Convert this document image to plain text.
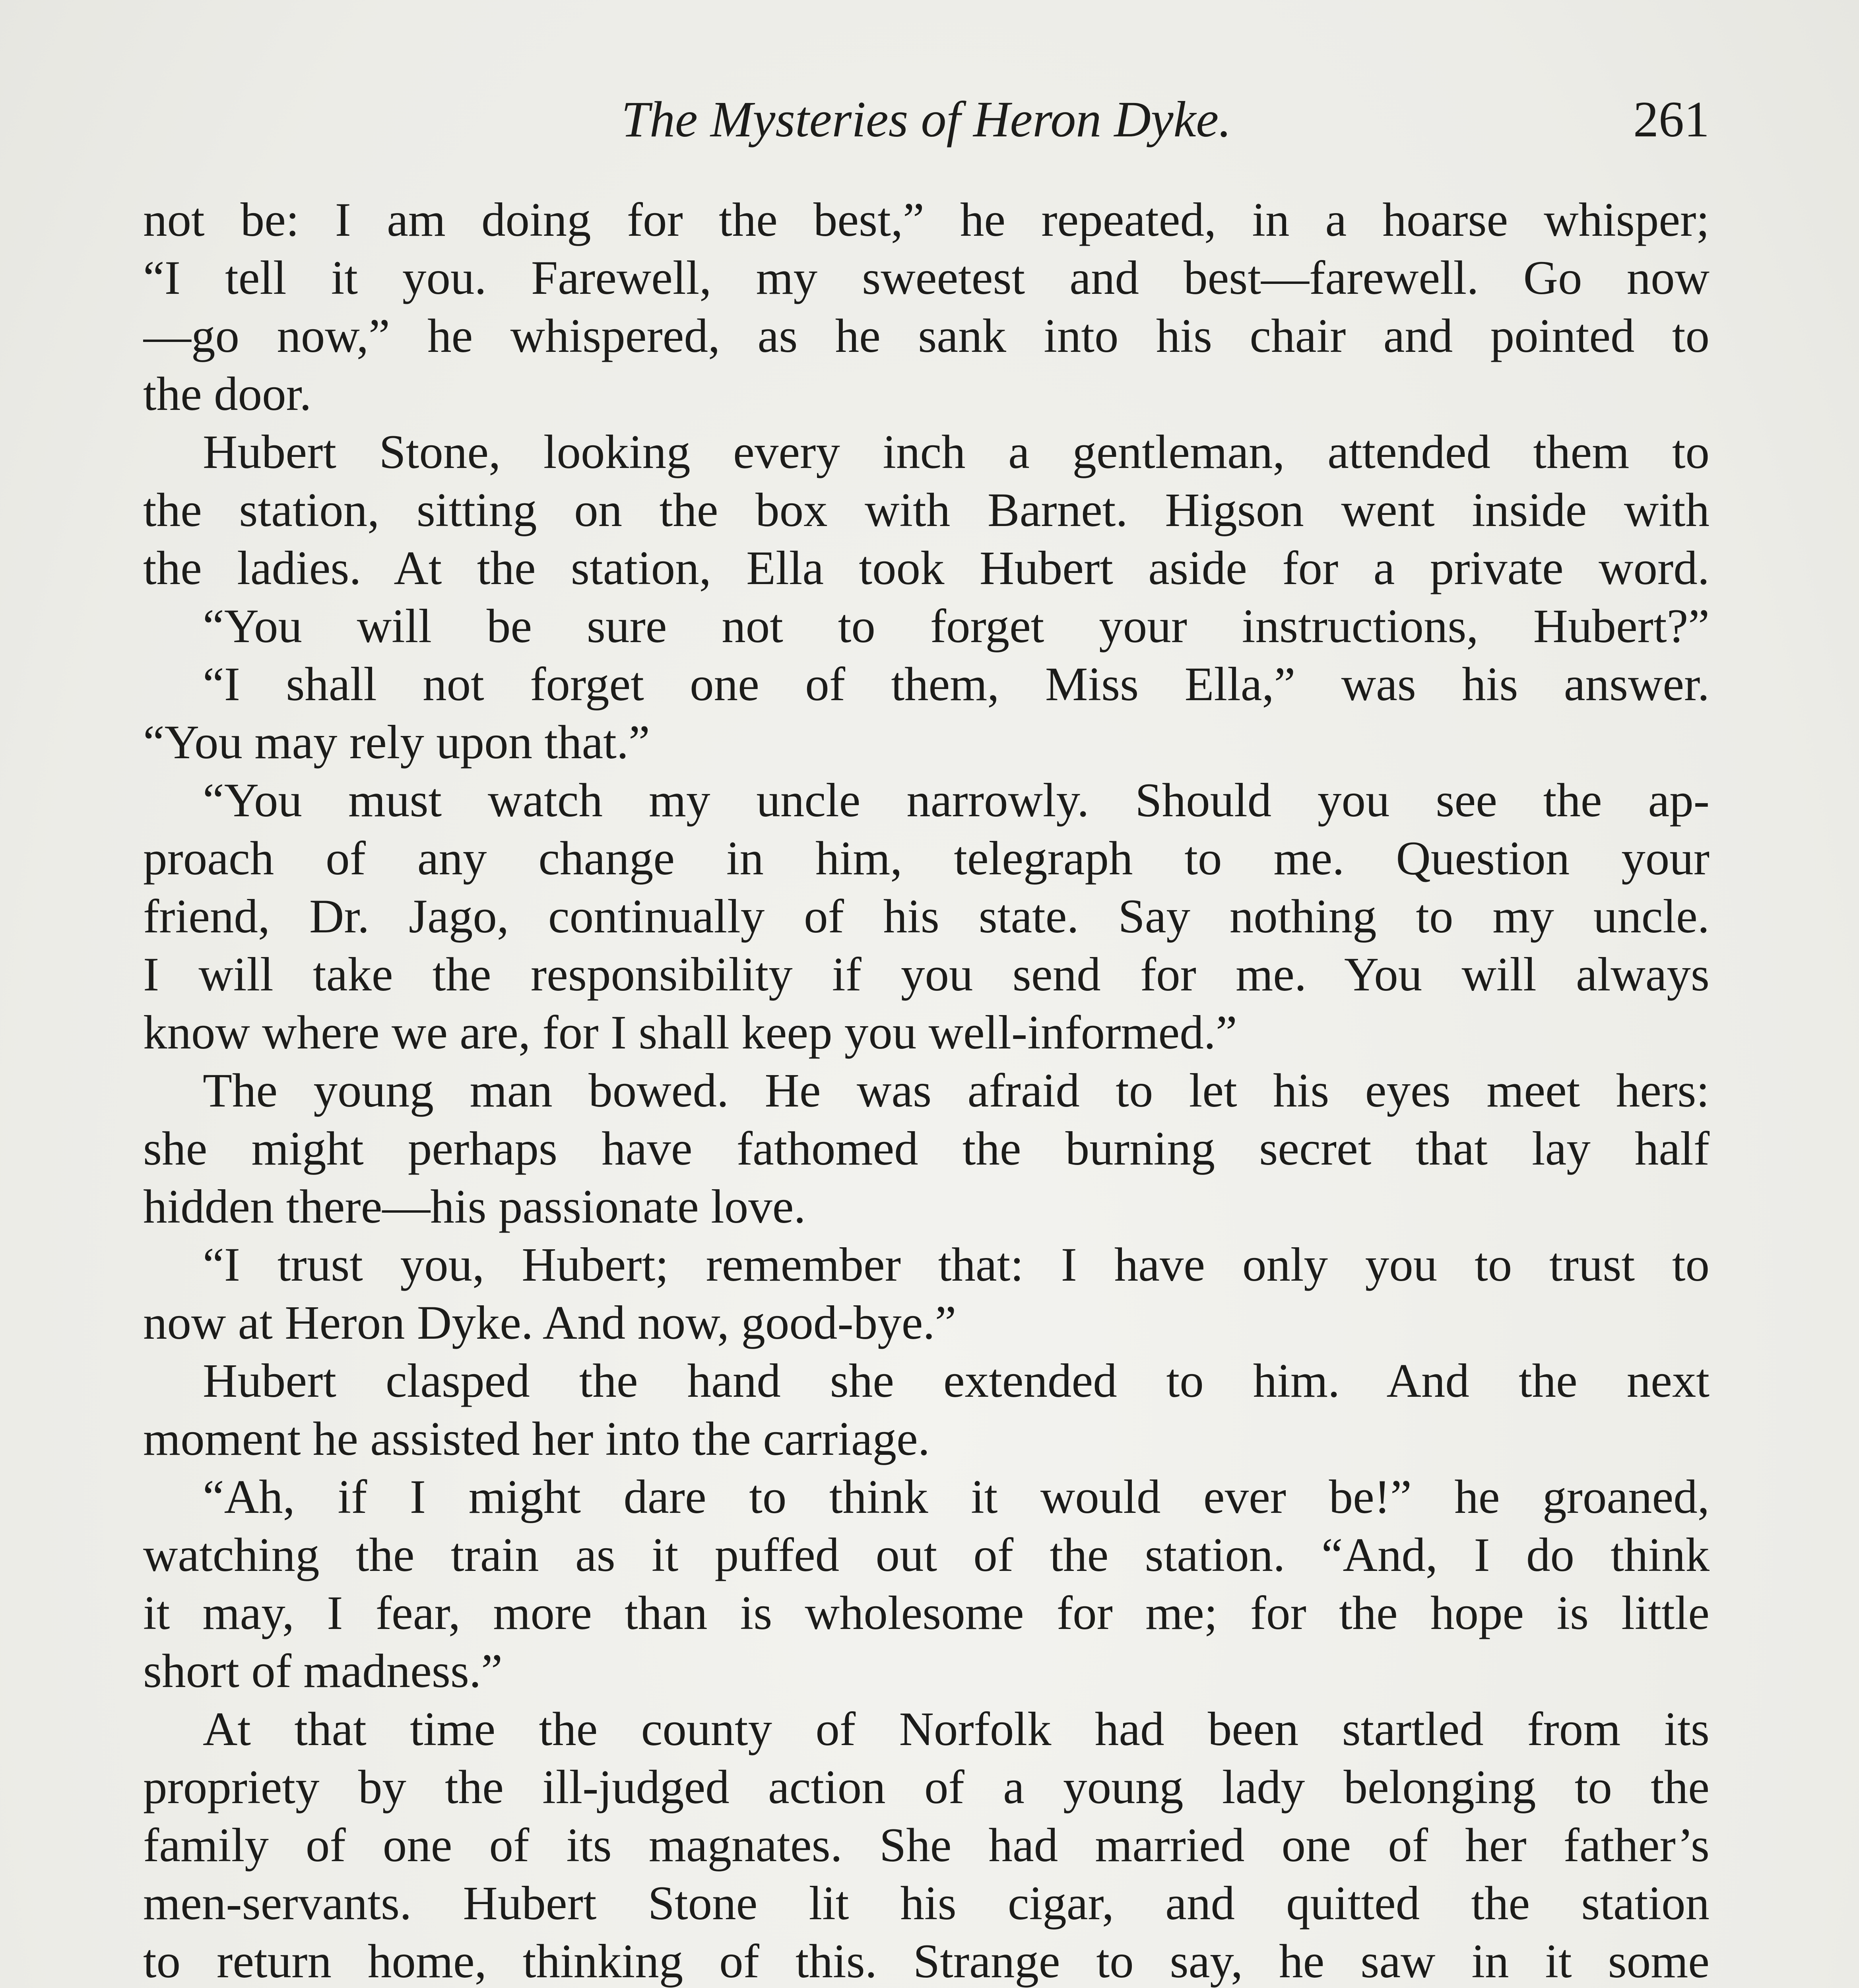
The Mysteries of Heron Dyke.	261
not be: I am doing for the best,” he repeated, in a hoarse whisper;
“I tell it you. Farewell, my sweetest and best—farewell. Go now
—go now,” he whispered, as he sank into his chair and pointed to
the door.
Hubert Stone, looking every inch a gentleman, attended them to
the station, sitting on the box with Barnet. Higson went inside with
the ladies. At the station, Ella took Hubert aside for a private word.
“You will be sure not to forget your instructions, Hubert?”
“I shall not forget one of them, Miss Ella,” was his answer.
“You may rely upon that.”
“You must watch my uncle narrowly. Should you see the ap-
proach of any change in him, telegraph to me. Question your
friend, Dr. Jago, continually of his state. Say nothing to my uncle.
I will take the responsibility if you send for me. You will always
know where we are, for I shall keep you well-informed.”
The young man bowed. He was afraid to let his eyes meet hers:
she might perhaps have fathomed the burning secret that lay half
hidden there—his passionate love.
“I trust you, Hubert; remember that: I have only you to trust to
now at Heron Dyke. And now, good-bye.”
Hubert clasped the hand she extended to him. And the next
moment he assisted her into the carriage.
“Ah, if I might dare to think it would ever be!” he groaned,
watching the train as it puffed out of the station. “And, I do think
it may, I fear, more than is wholesome for me; for the hope is little
short of madness.”
At that time the county of Norfolk had been startled from its
propriety by the ill-judged action of a young lady belonging to the
family of one of its magnates. She had married one of her father’s
men-servants. Hubert Stone lit his cigar, and quitted the station
to return home, thinking of this. Strange to say, he saw in it some
